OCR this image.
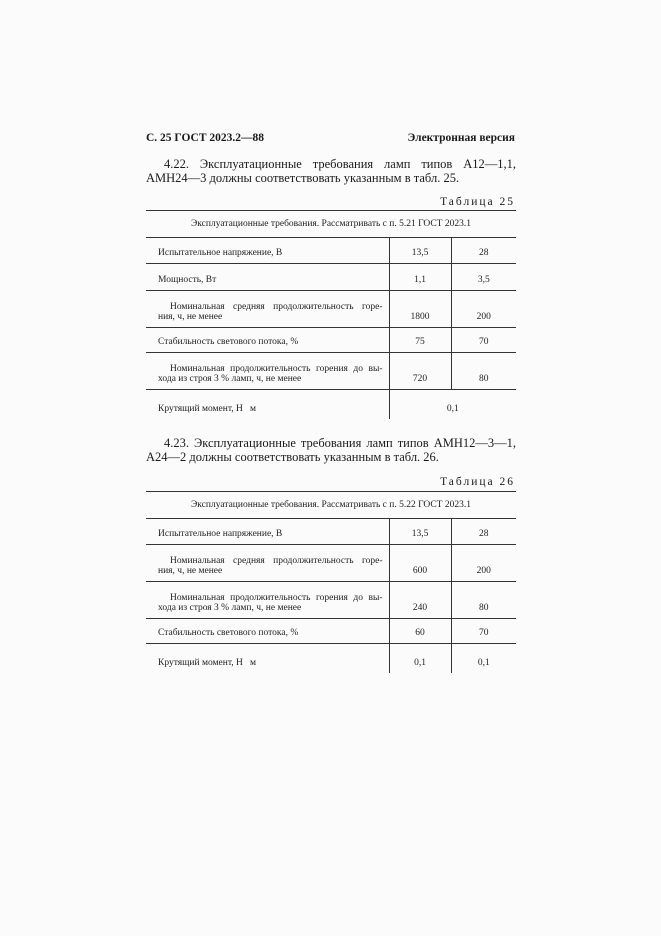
С. 25 ГОСТ 2023.2—88	Электронная версия
4.22. Эксплуатационные требования ламп типов А12—1,1, АМН24—3 должны соответствовать указанным в табл. 25.
Таблица 25
Эксплуатационные требования. Рассматривать с п. 5.21 ГОСТ 2023.1		
Испытательное напряжение, В	13,5	28
Мощность, Вт	1,1	3,5

Номинальная средняя продолжительность горе-
ния, ч, не менее	1800	200
Стабильность светового потока, %	75	70

Номинальная продолжительность горения до вы-
хода из строя 3 % ламп, ч, не менее	720	80
Крутящий момент, Н   м	0,1	
4.23. Эксплуатационные требования ламп типов АМН12—3—1, А24—2 должны соответствовать указанным в табл. 26.
Таблица 26
Эксплуатационные требования. Рассматривать с п. 5.22 ГОСТ 2023.1		
Испытательное напряжение, В	13,5	28

Номинальная средняя продолжительность горе-
ния, ч, не менее	600	200

Номинальная продолжительность горения до вы-
хода из строя 3 % ламп, ч, не менее	240	80
Стабильность светового потока, %	60	70
Крутящий момент, Н   м	0,1	0,1
